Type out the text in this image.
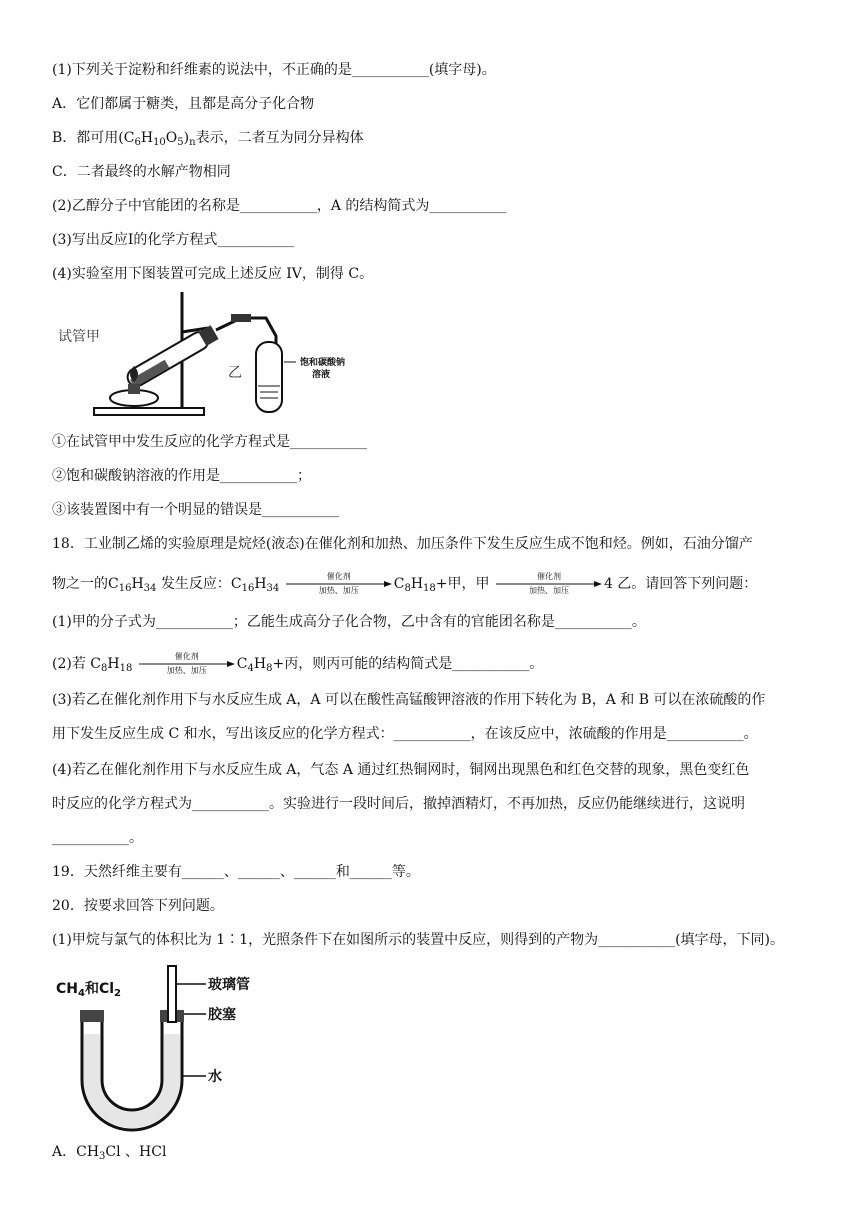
(1)下列关于淀粉和纤维素的说法中，不正确的是___________(填字母)。
A．它们都属于糖类，且都是高分子化合物
B．都可用$(C_6H_{10}O_5)_n$表示，二者互为同分异构体
C．二者最终的水解产物相同
(2)乙醇分子中官能团的名称是___________，A 的结构简式为___________
(3)写出反应I的化学方程式___________
(4)实验室用下图装置可完成上述反应 IV，制得 C。
试管甲
乙
饱和碳酸钠
溶液
①在试管甲中发生反应的化学方程式是___________
②饱和碳酸钠溶液的作用是___________；
③该装置图中有一个明显的错误是___________
18．工业制乙烯的实验原理是烷烃(液态)在催化剂和加热、加压条件下发生反应生成不饱和烃。例如，石油分馏产
物之一的$C_{16}H_{34}$ 发生反应：$C_{16}H_{34}$
催化剂
加热、加压	$C_8H_{18}+$甲，甲	催化剂
加热、加压	4 乙。请回答下列问题：
(1)甲的分子式为___________；乙能生成高分子化合物，乙中含有的官能团名称是___________。
(2)若 $C_8H_{18}$
催化剂
加热、加压	$C_4H_8+$丙，则丙可能的结构简式是___________。
(3)若乙在催化剂作用下与水反应生成 A，A 可以在酸性高锰酸钾溶液的作用下转化为 B，A 和 B 可以在浓硫酸的作
用下发生反应生成 C 和水，写出该反应的化学方程式：___________，在该反应中，浓硫酸的作用是___________。
(4)若乙在催化剂作用下与水反应生成 A，气态 A 通过红热铜网时，铜网出现黑色和红色交替的现象，黑色变红色
时反应的化学方程式为___________。实验进行一段时间后，撤掉酒精灯，不再加热，反应仍能继续进行，这说明
___________。
19．天然纤维主要有______、______、______和______等。
20．按要求回答下列问题。
(1)甲烷与氯气的体积比为 1∶1，光照条件下在如图所示的装置中反应，则得到的产物为___________(填字母，下同)。
$CH_4$和$Cl_2$
玻璃管
胶塞
水
A．$CH_3Cl$ 、HCl
